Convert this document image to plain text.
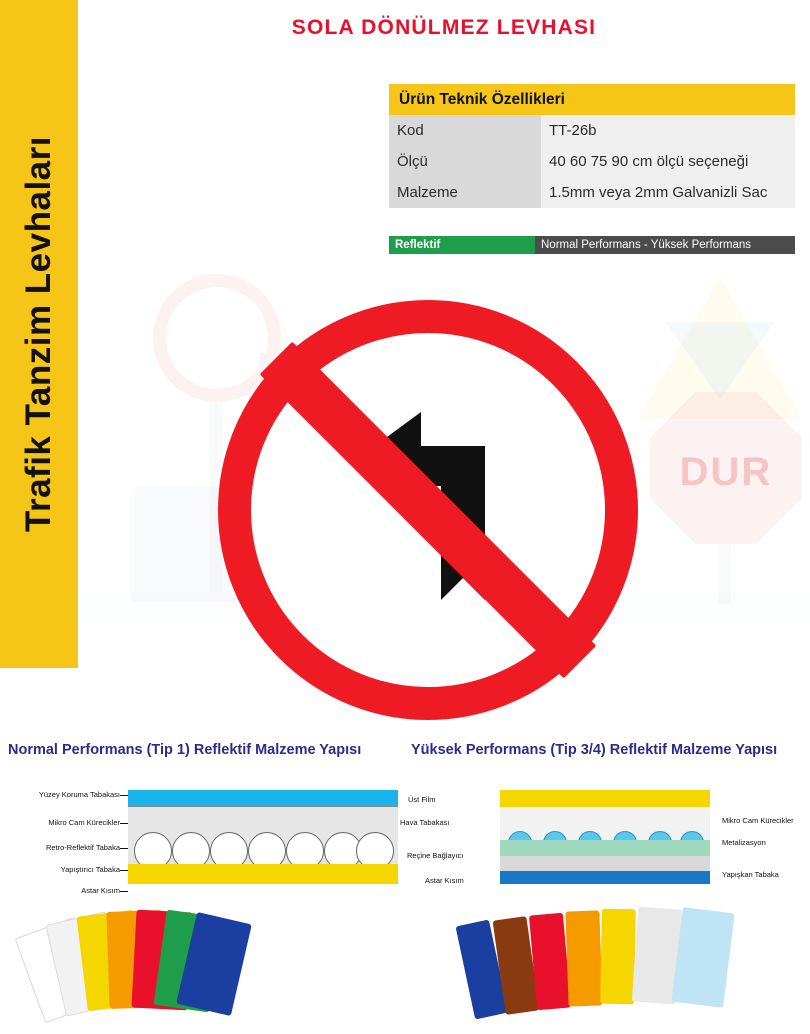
Trafik Tanzim Levhaları
SOLA DÖNÜLMEZ LEVHASI
Ürün Teknik Özellikleri	
Kod	TT-26b
Ölçü	40 60 75 90 cm ölçü seçeneği
Malzeme	1.5mm veya 2mm Galvanizli Sac
Reflektif	Normal Performans - Yüksek Performans
DUR
Normal Performans (Tip 1) Reflektif Malzeme Yapısı	Yüksek Performans (Tip 3/4) Reflektif Malzeme Yapısı
Yüzey Koruma Tabakası
Mikro Cam Kürecikler
Retro-Reflektif Tabaka
Yapıştırıcı Tabaka
Astar Kısım
Üst Film
Hava Tabakası
Reçine Bağlayıcı
Astar Kısım
Mikro Cam Kürecikler
Metalizasyon
Yapışkan Tabaka
